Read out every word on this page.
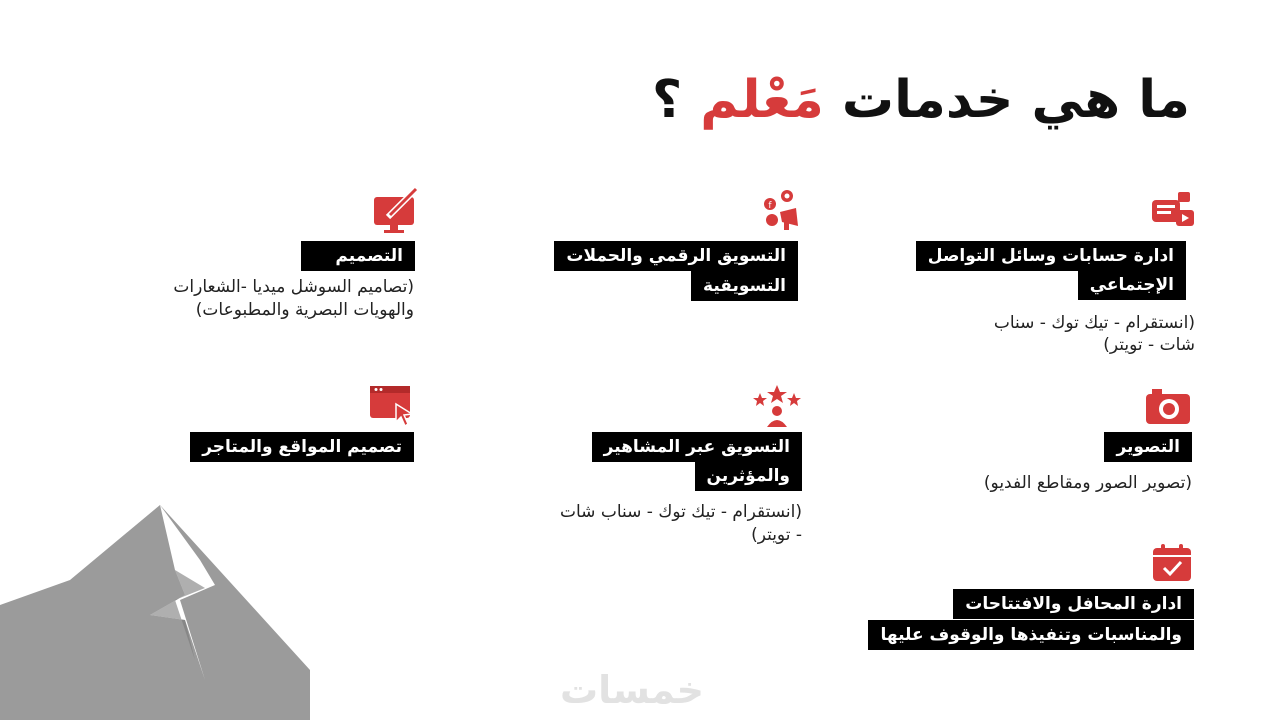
ما هي خدمات مَعْلم ؟
ادارة حسابات وسائل التواصل
الإجتماعي
(انستقرام - تيك توك - سناب
شات - تويتر)
f
التسويق الرقمي والحملات
التسويقية
التصميم
(تصاميم السوشل ميديا -الشعارات
والهويات البصرية والمطبوعات)
التصوير
(تصوير الصور ومقاطع الفديو)
التسويق عبر المشاهير
والمؤثرين
(انستقرام - تيك توك - سناب شات
- تويتر)
تصميم المواقع والمتاجر
ادارة المحافل والافتتاحات
والمناسبات وتنفيذها والوقوف عليها
خمسات
